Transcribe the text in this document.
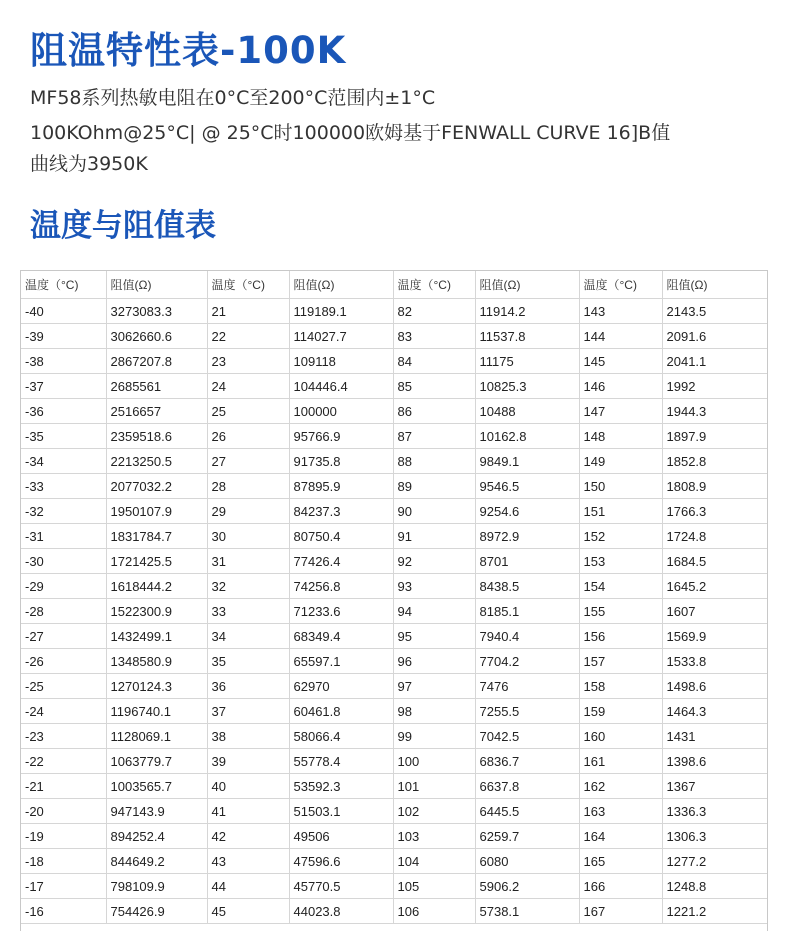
阻温特性表-100K
MF58系列热敏电阻在0°C至200°C范围内±1°C
100KOhm@25°C| @ 25°C时100000欧姆基于FENWALL CURVE 16]B值
曲线为3950K
温度与阻值表
温度（°C)	阻值(Ω)	温度（°C)	阻值(Ω)	温度（°C)	阻值(Ω)	温度（°C)	阻值(Ω)
-40	3273083.3	21	119189.1	82	11914.2	143	2143.5
-39	3062660.6	22	114027.7	83	11537.8	144	2091.6
-38	2867207.8	23	109118	84	11175	145	2041.1
-37	2685561	24	104446.4	85	10825.3	146	1992
-36	2516657	25	100000	86	10488	147	1944.3
-35	2359518.6	26	95766.9	87	10162.8	148	1897.9
-34	2213250.5	27	91735.8	88	9849.1	149	1852.8
-33	2077032.2	28	87895.9	89	9546.5	150	1808.9
-32	1950107.9	29	84237.3	90	9254.6	151	1766.3
-31	1831784.7	30	80750.4	91	8972.9	152	1724.8
-30	1721425.5	31	77426.4	92	8701	153	1684.5
-29	1618444.2	32	74256.8	93	8438.5	154	1645.2
-28	1522300.9	33	71233.6	94	8185.1	155	1607
-27	1432499.1	34	68349.4	95	7940.4	156	1569.9
-26	1348580.9	35	65597.1	96	7704.2	157	1533.8
-25	1270124.3	36	62970	97	7476	158	1498.6
-24	1196740.1	37	60461.8	98	7255.5	159	1464.3
-23	1128069.1	38	58066.4	99	7042.5	160	1431
-22	1063779.7	39	55778.4	100	6836.7	161	1398.6
-21	1003565.7	40	53592.3	101	6637.8	162	1367
-20	947143.9	41	51503.1	102	6445.5	163	1336.3
-19	894252.4	42	49506	103	6259.7	164	1306.3
-18	844649.2	43	47596.6	104	6080	165	1277.2
-17	798109.9	44	45770.5	105	5906.2	166	1248.8
-16	754426.9	45	44023.8	106	5738.1	167	1221.2
